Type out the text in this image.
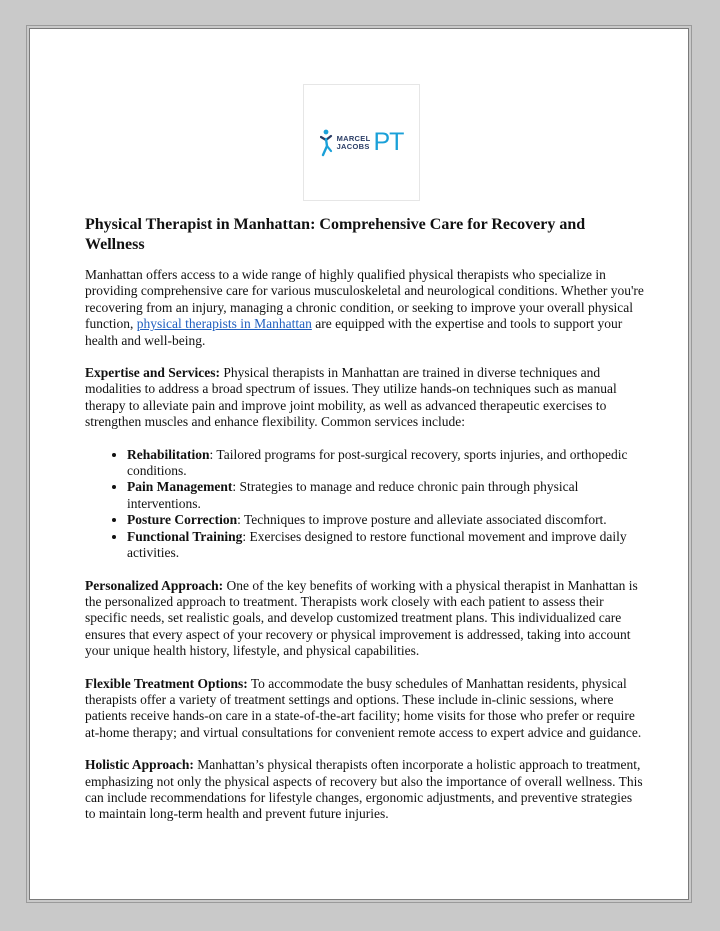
MARCEL
JACOBS PT
Physical Therapist in Manhattan: Comprehensive Care for Recovery and Wellness

Manhattan offers access to a wide range of highly qualified physical therapists who specialize in providing comprehensive care for various musculoskeletal and neurological conditions. Whether you're recovering from an injury, managing a chronic condition, or seeking to improve your overall physical function, physical therapists in Manhattan are equipped with the expertise and tools to support your health and well-being.

Expertise and Services: Physical therapists in Manhattan are trained in diverse techniques and modalities to address a broad spectrum of issues. They utilize hands-on techniques such as manual therapy to alleviate pain and improve joint mobility, as well as advanced therapeutic exercises to strengthen muscles and enhance flexibility. Common services include:

• Rehabilitation: Tailored programs for post-surgical recovery, sports injuries, and orthopedic conditions.
• Pain Management: Strategies to manage and reduce chronic pain through physical interventions.
• Posture Correction: Techniques to improve posture and alleviate associated discomfort.
• Functional Training: Exercises designed to restore functional movement and improve daily activities.

Personalized Approach: One of the key benefits of working with a physical therapist in Manhattan is the personalized approach to treatment. Therapists work closely with each patient to assess their specific needs, set realistic goals, and develop customized treatment plans. This individualized care ensures that every aspect of your recovery or physical improvement is addressed, taking into account your unique health history, lifestyle, and physical capabilities.

Flexible Treatment Options: To accommodate the busy schedules of Manhattan residents, physical therapists offer a variety of treatment settings and options. These include in-clinic sessions, where patients receive hands-on care in a state-of-the-art facility; home visits for those who prefer or require at-home therapy; and virtual consultations for convenient remote access to expert advice and guidance.

Holistic Approach: Manhattan’s physical therapists often incorporate a holistic approach to treatment, emphasizing not only the physical aspects of recovery but also the importance of overall wellness. This can include recommendations for lifestyle changes, ergonomic adjustments, and preventive strategies to maintain long-term health and prevent future injuries.
